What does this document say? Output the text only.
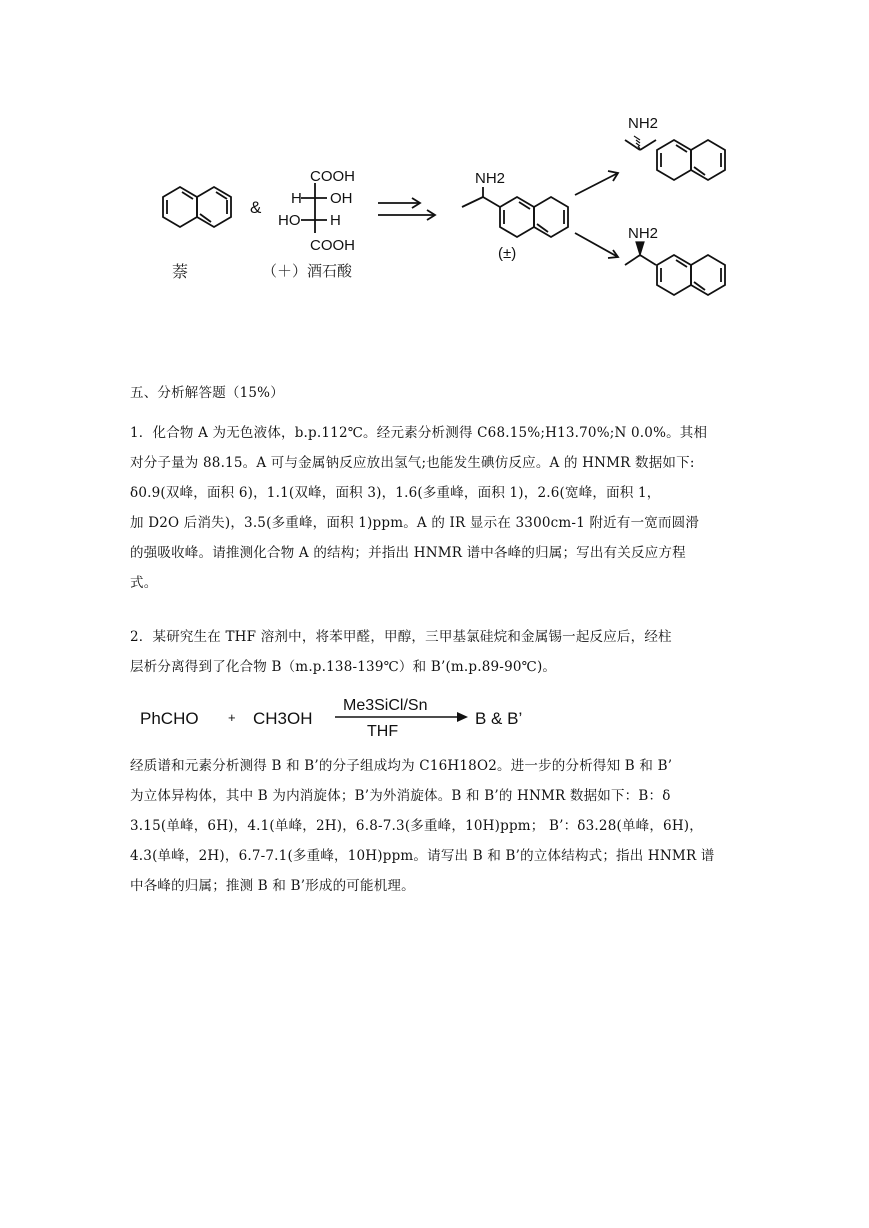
萘
&
COOH
H OH
HO H
COOH
（＋）酒石酸
NH2
(±)
NH2
NH2
五、分析解答题（15%）
1．化合物 A 为无色液体，b.p.112℃。经元素分析测得 C68.15%;H13.70%;N 0.0%。其相
对分子量为 88.15。A 可与金属钠反应放出氢气;也能发生碘仿反应。A 的 HNMR 数据如下:
δ0.9(双峰，面积 6)，1.1(双峰，面积 3)，1.6(多重峰，面积 1)，2.6(宽峰，面积 1，
加 D2O 后消失)，3.5(多重峰，面积 1)ppm。A 的 IR 显示在 3300cm-1 附近有一宽而圆滑
的强吸收峰。请推测化合物 A 的结构；并指出 HNMR 谱中各峰的归属；写出有关反应方程
式。
2．某研究生在 THF 溶剂中，将苯甲醛，甲醇，三甲基氯硅烷和金属锡一起反应后，经柱
层析分离得到了化合物 B（m.p.138-139℃）和 B’(m.p.89-90℃)。
PhCHO + CH3OH
Me3SiCl/Sn
THF
B & B’
经质谱和元素分析测得 B 和 B’的分子组成均为 C16H18O2。进一步的分析得知 B 和 B’
为立体异构体，其中 B 为内消旋体；B’为外消旋体。B 和 B’的 HNMR 数据如下：B：δ
3.15(单峰，6H)，4.1(单峰，2H)，6.8-7.3(多重峰，10H)ppm； B’：δ3.28(单峰，6H)，
4.3(单峰，2H)，6.7-7.1(多重峰，10H)ppm。请写出 B 和 B’的立体结构式；指出 HNMR 谱
中各峰的归属；推测 B 和 B’形成的可能机理。
